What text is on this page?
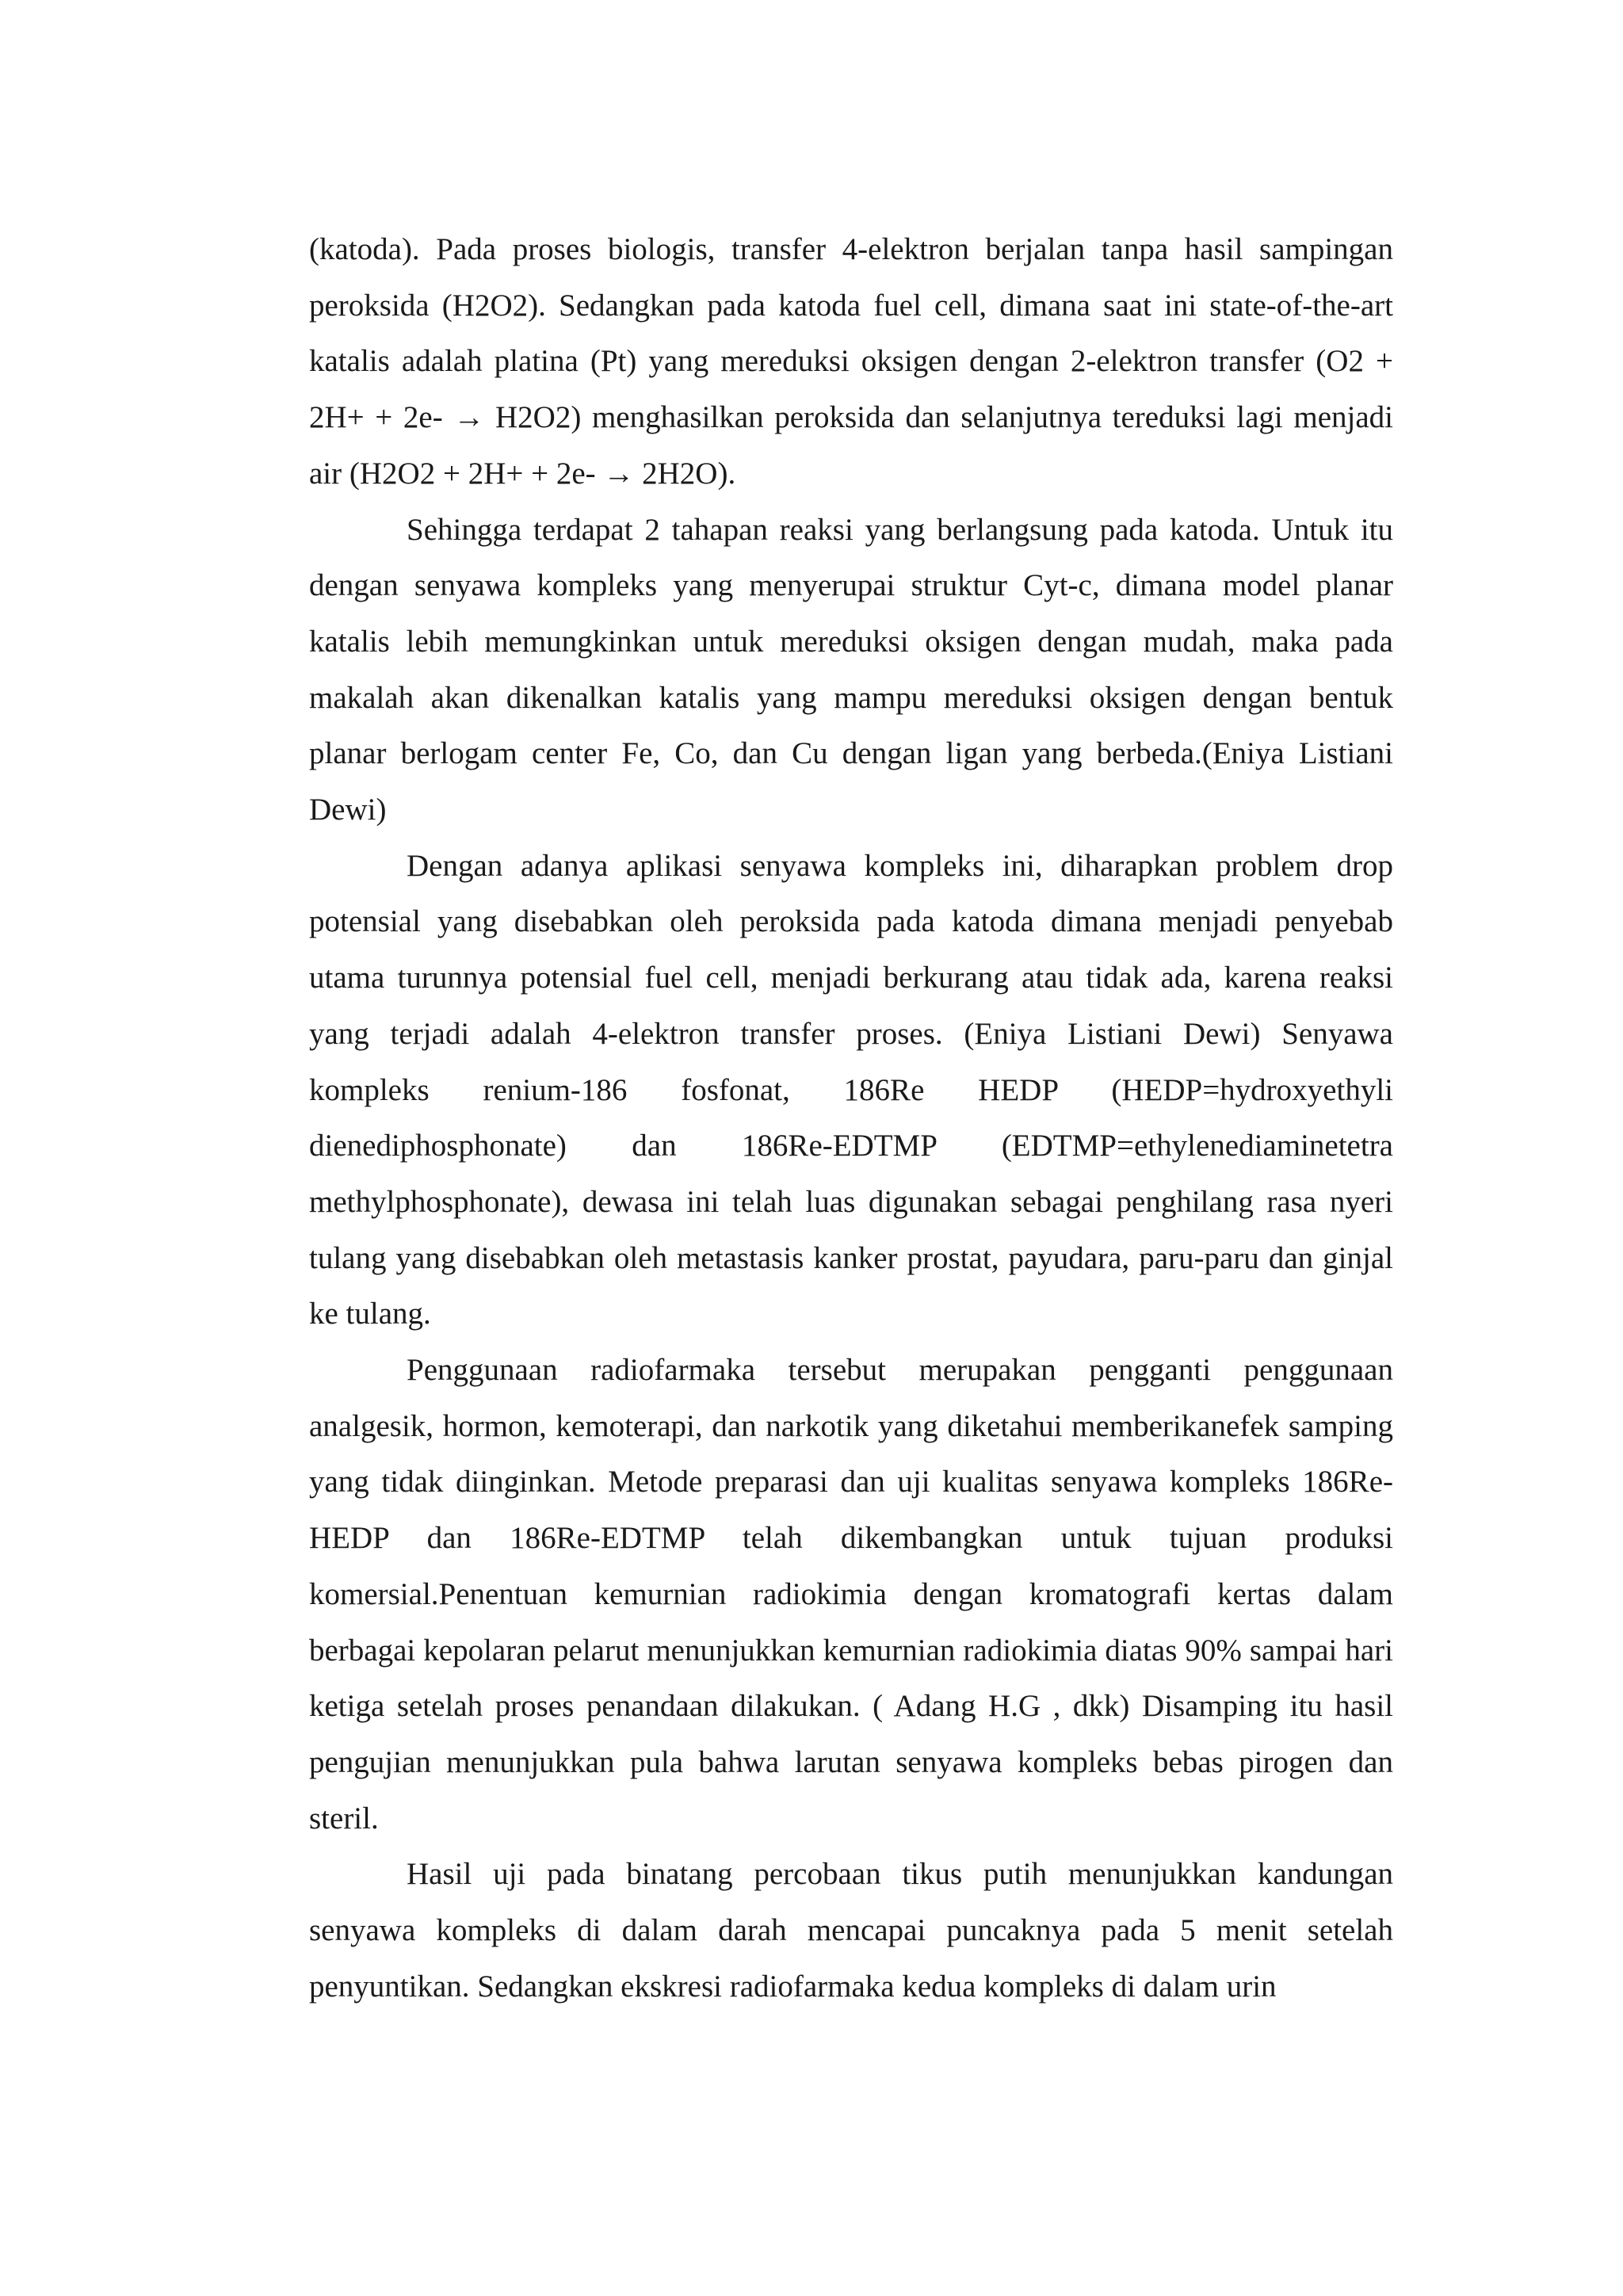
(katoda). Pada proses biologis, transfer 4-elektron berjalan tanpa hasil sampingan peroksida (H2O2). Sedangkan pada katoda fuel cell, dimana saat ini state-of-the-art katalis adalah platina (Pt) yang mereduksi oksigen dengan 2-elektron transfer (O2 + 2H+ + 2e- → H2O2) menghasilkan peroksida dan selanjutnya tereduksi lagi menjadi air (H2O2 + 2H+ + 2e- → 2H2O).

Sehingga terdapat 2 tahapan reaksi yang berlangsung pada katoda. Untuk itu dengan senyawa kompleks yang menyerupai struktur Cyt-c, dimana model planar katalis lebih memungkinkan untuk mereduksi oksigen dengan mudah, maka pada makalah akan dikenalkan katalis yang mampu mereduksi oksigen dengan bentuk planar berlogam center Fe, Co, dan Cu dengan ligan yang berbeda.(Eniya Listiani Dewi)

Dengan adanya aplikasi senyawa kompleks ini, diharapkan problem drop potensial yang disebabkan oleh peroksida pada katoda dimana menjadi penyebab utama turunnya potensial fuel cell, menjadi berkurang atau tidak ada, karena reaksi yang terjadi adalah 4-elektron transfer proses. (Eniya Listiani Dewi) Senyawa kompleks renium-186 fosfonat, 186Re HEDP (HEDP=hydroxyethyli dienediphosphonate) dan 186Re-EDTMP (EDTMP=ethylenediaminetetra methylphosphonate), dewasa ini telah luas digunakan sebagai penghilang rasa nyeri tulang yang disebabkan oleh metastasis kanker prostat, payudara, paru-paru dan ginjal ke tulang.

Penggunaan radiofarmaka tersebut merupakan pengganti penggunaan analgesik, hormon, kemoterapi, dan narkotik yang diketahui memberikanefek samping yang tidak diinginkan. Metode preparasi dan uji kualitas senyawa kompleks 186Re-HEDP dan 186Re-EDTMP telah dikembangkan untuk tujuan produksi komersial.Penentuan kemurnian radiokimia dengan kromatografi kertas dalam berbagai kepolaran pelarut menunjukkan kemurnian radiokimia diatas 90% sampai hari ketiga setelah proses penandaan dilakukan. ( Adang H.G , dkk) Disamping itu hasil pengujian menunjukkan pula bahwa larutan senyawa kompleks bebas pirogen dan steril.

Hasil uji pada binatang percobaan tikus putih menunjukkan kandungan senyawa kompleks di dalam darah mencapai puncaknya pada 5 menit setelah penyuntikan. Sedangkan ekskresi radiofarmaka kedua kompleks di dalam urin
